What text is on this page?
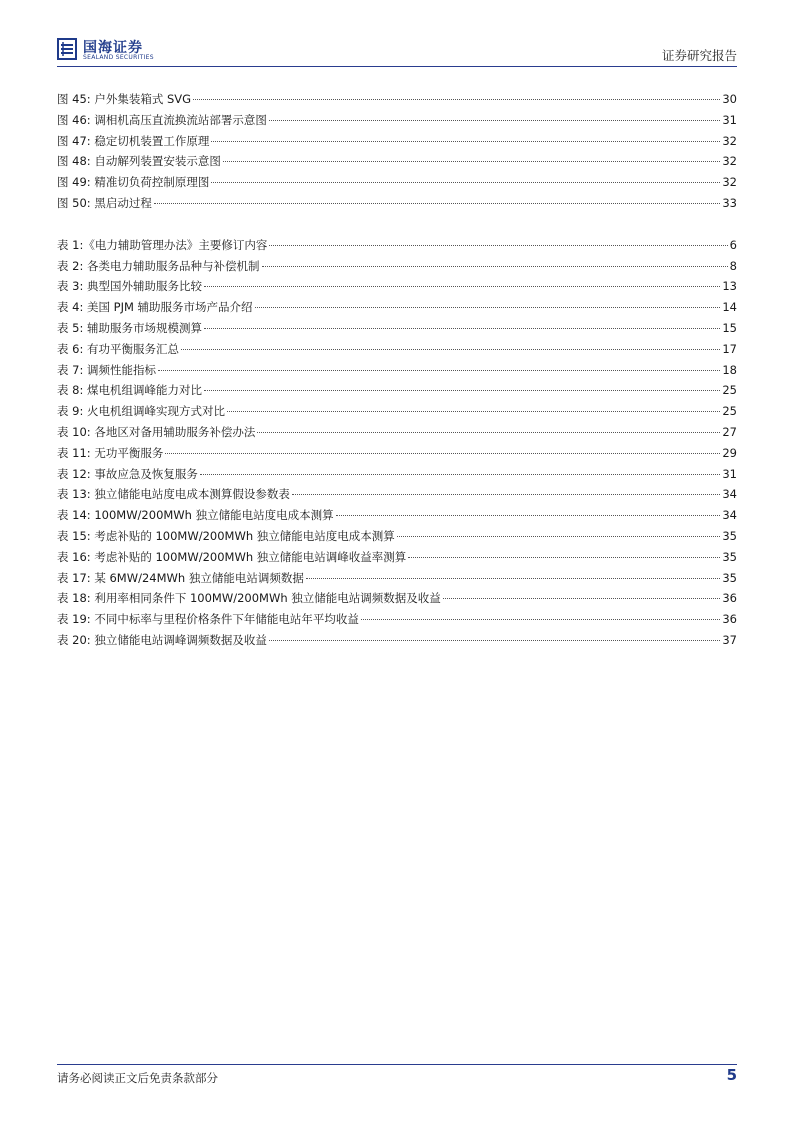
国海证券
SEALAND SECURITIES	证券研究报告
图 45: 户外集装箱式 SVG	30
图 46: 调相机高压直流换流站部署示意图	31
图 47: 稳定切机装置工作原理	32
图 48: 自动解列装置安装示意图	32
图 49: 精准切负荷控制原理图	32
图 50: 黑启动过程	33
表 1:《电力辅助管理办法》主要修订内容	6
表 2: 各类电力辅助服务品种与补偿机制	8
表 3: 典型国外辅助服务比较	13
表 4: 美国 PJM 辅助服务市场产品介绍	14
表 5: 辅助服务市场规模测算	15
表 6: 有功平衡服务汇总	17
表 7: 调频性能指标	18
表 8: 煤电机组调峰能力对比	25
表 9: 火电机组调峰实现方式对比	25
表 10: 各地区对备用辅助服务补偿办法	27
表 11: 无功平衡服务	29
表 12: 事故应急及恢复服务	31
表 13: 独立储能电站度电成本测算假设参数表	34
表 14: 100MW/200MWh 独立储能电站度电成本测算	34
表 15: 考虑补贴的 100MW/200MWh 独立储能电站度电成本测算	35
表 16: 考虑补贴的 100MW/200MWh 独立储能电站调峰收益率测算	35
表 17: 某 6MW/24MWh 独立储能电站调频数据	35
表 18: 利用率相同条件下 100MW/200MWh 独立储能电站调频数据及收益	36
表 19: 不同中标率与里程价格条件下年储能电站年平均收益	36
表 20: 独立储能电站调峰调频数据及收益	37
请务必阅读正文后免责条款部分	5
